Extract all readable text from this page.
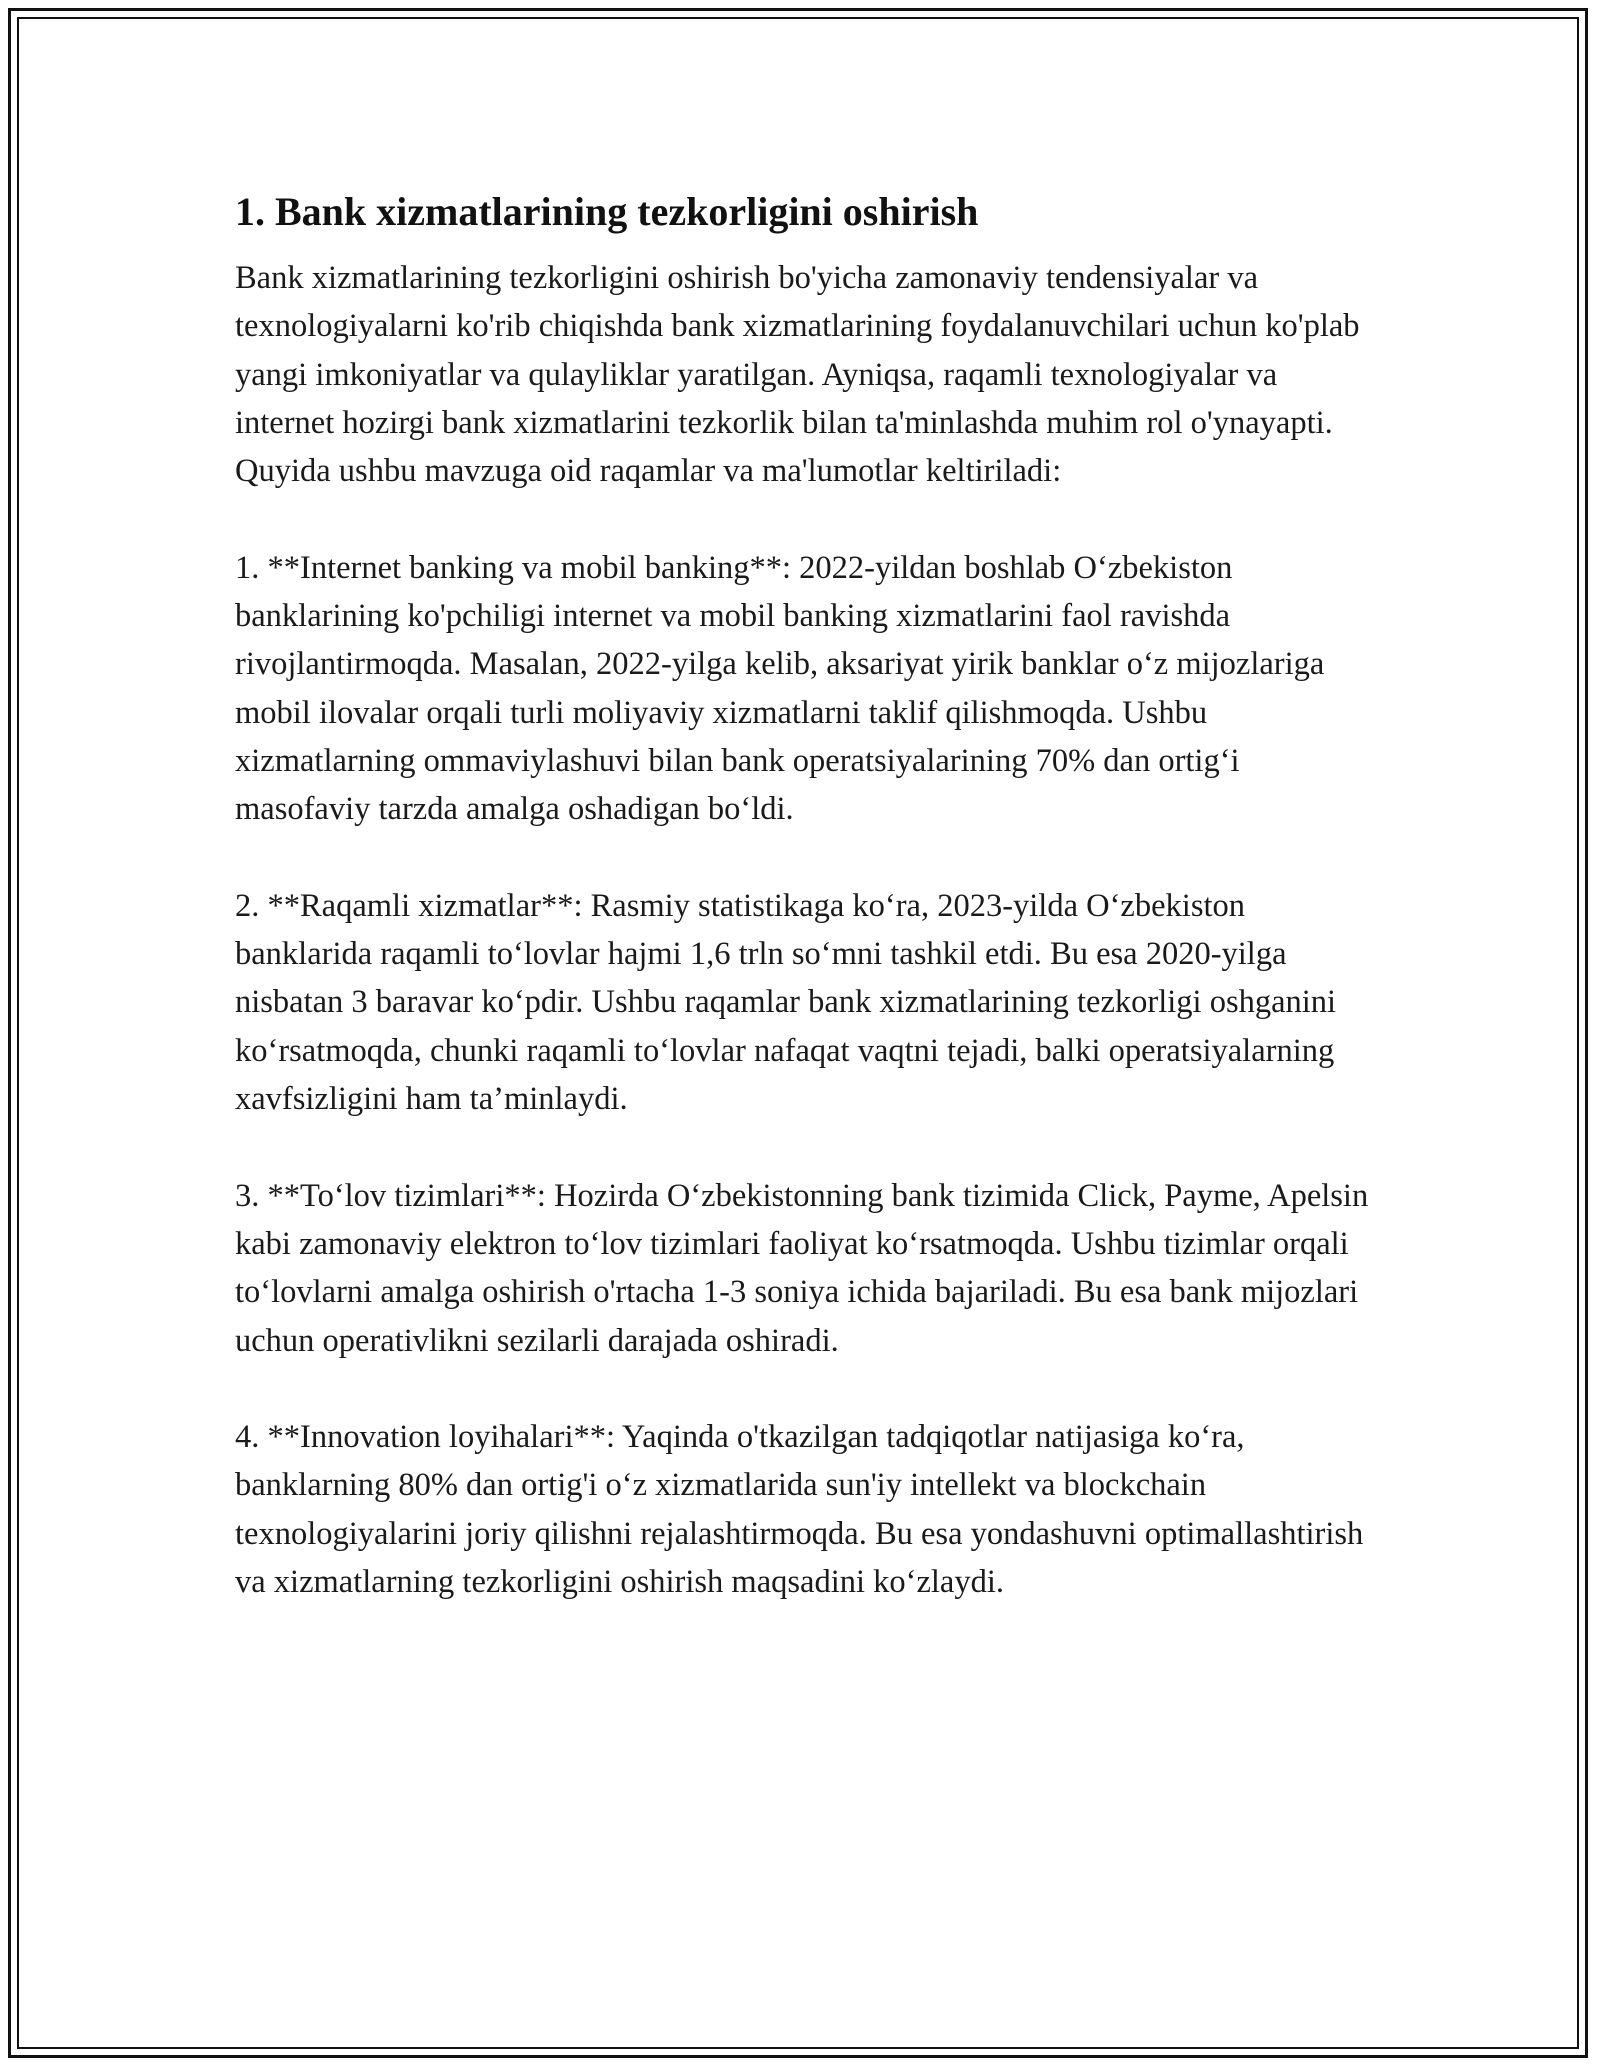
1. Bank xizmatlarining tezkorligini oshirish

Bank xizmatlarining tezkorligini oshirish bo'yicha zamonaviy tendensiyalar va texnologiyalarni ko'rib chiqishda bank xizmatlarining foydalanuvchilari uchun ko'plab yangi imkoniyatlar va qulayliklar yaratilgan. Ayniqsa, raqamli texnologiyalar va internet hozirgi bank xizmatlarini tezkorlik bilan ta'minlashda muhim rol o'ynayapti. Quyida ushbu mavzuga oid raqamlar va ma'lumotlar keltiriladi:

1. **Internet banking va mobil banking**: 2022-yildan boshlab O‘zbekiston banklarining ko'pchiligi internet va mobil banking xizmatlarini faol ravishda rivojlantirmoqda. Masalan, 2022-yilga kelib, aksariyat yirik banklar o‘z mijozlariga mobil ilovalar orqali turli moliyaviy xizmatlarni taklif qilishmoqda. Ushbu xizmatlarning ommaviylashuvi bilan bank operatsiyalarining 70% dan ortig‘i masofaviy tarzda amalga oshadigan bo‘ldi.

2. **Raqamli xizmatlar**: Rasmiy statistikaga ko‘ra, 2023-yilda O‘zbekiston banklarida raqamli to‘lovlar hajmi 1,6 trln so‘mni tashkil etdi. Bu esa 2020-yilga nisbatan 3 baravar ko‘pdir. Ushbu raqamlar bank xizmatlarining tezkorligi oshganini ko‘rsatmoqda, chunki raqamli to‘lovlar nafaqat vaqtni tejadi, balki operatsiyalarning xavfsizligini ham ta’minlaydi.

3. **To‘lov tizimlari**: Hozirda O‘zbekistonning bank tizimida Click, Payme, Apelsin kabi zamonaviy elektron to‘lov tizimlari faoliyat ko‘rsatmoqda. Ushbu tizimlar orqali to‘lovlarni amalga oshirish o'rtacha 1-3 soniya ichida bajariladi. Bu esa bank mijozlari uchun operativlikni sezilarli darajada oshiradi.

4. **Innovation loyihalari**: Yaqinda o'tkazilgan tadqiqotlar natijasiga ko‘ra, banklarning 80% dan ortig'i o‘z xizmatlarida sun'iy intellekt va blockchain texnologiyalarini joriy qilishni rejalashtirmoqda. Bu esa yondashuvni optimallashtirish va xizmatlarning tezkorligini oshirish maqsadini ko‘zlaydi.
